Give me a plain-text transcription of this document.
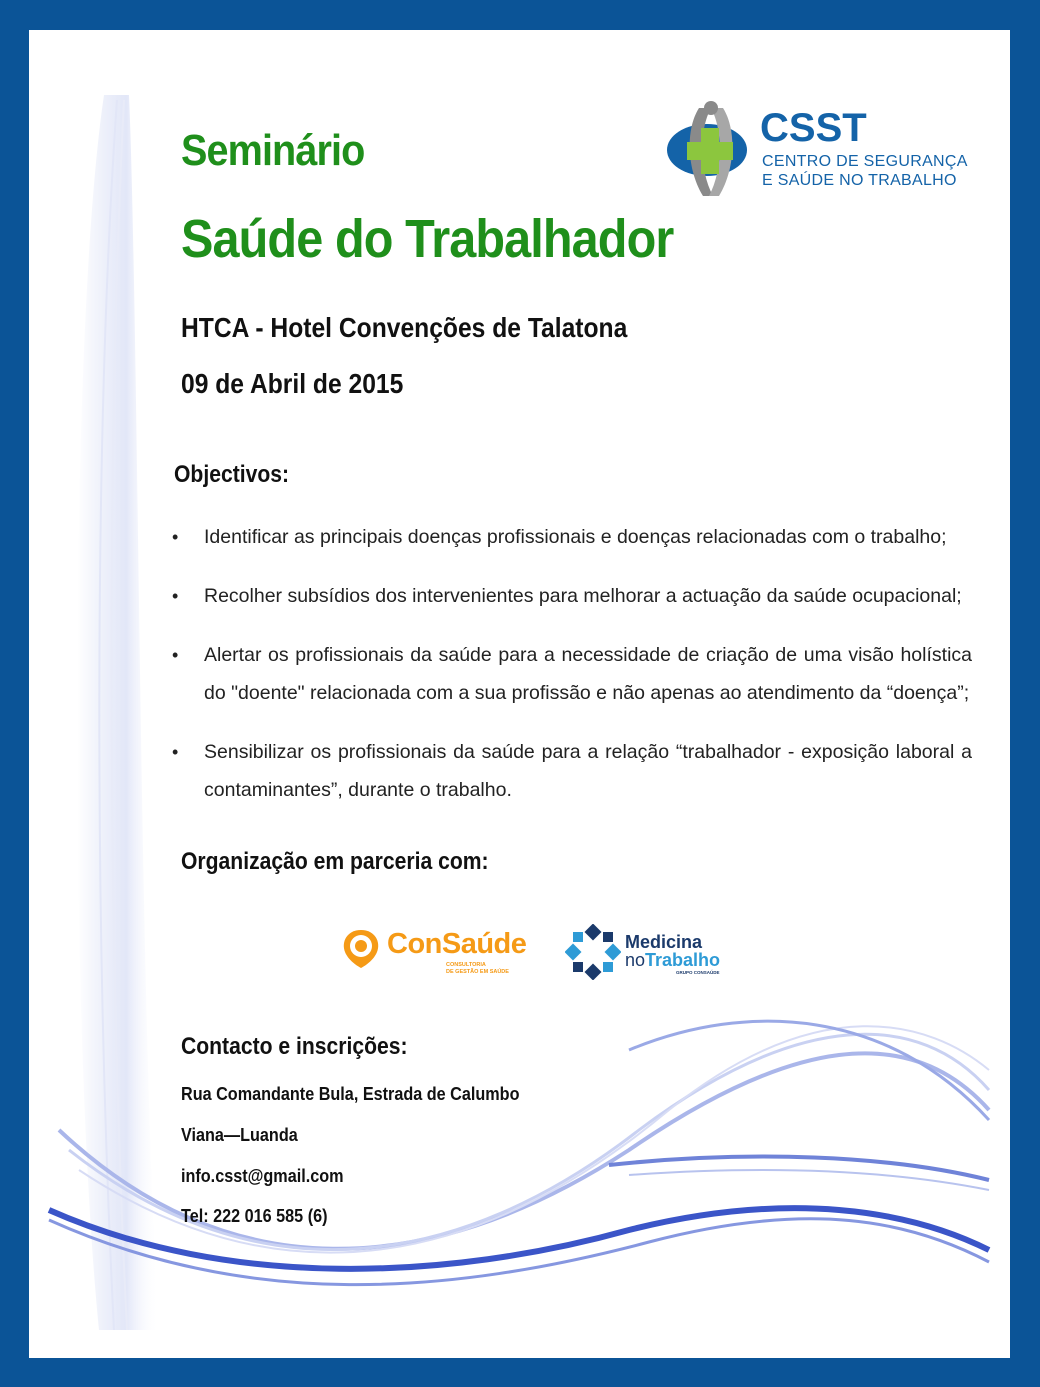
Seminário
Saúde do Trabalhador
CSST
CENTRO DE SEGURANÇA
E SAÚDE NO TRABALHO
HTCA - Hotel Convenções de Talatona
09 de Abril de 2015
Objectivos:
• Identificar as principais doenças profissionais e doenças relacionadas com o trabalho;
• Recolher subsídios dos intervenientes para melhorar a actuação da saúde ocupacional;
• Alertar os profissionais da saúde para a necessidade de criação de uma visão holística do "doente" relacionada com a sua profissão e não apenas ao atendimento da “doença”;
• Sensibilizar os profissionais da saúde para a relação “trabalhador - exposição laboral a contaminantes”, durante o trabalho.
Organização em parceria com:
ConSaúde
CONSULTORIA
DE GESTÃO EM SAÚDE
Medicina
noTrabalho
GRUPO CONSAÚDE
Contacto e inscrições:
Rua Comandante Bula, Estrada de Calumbo
Viana—Luanda
info.csst@gmail.com
Tel: 222 016 585 (6)
